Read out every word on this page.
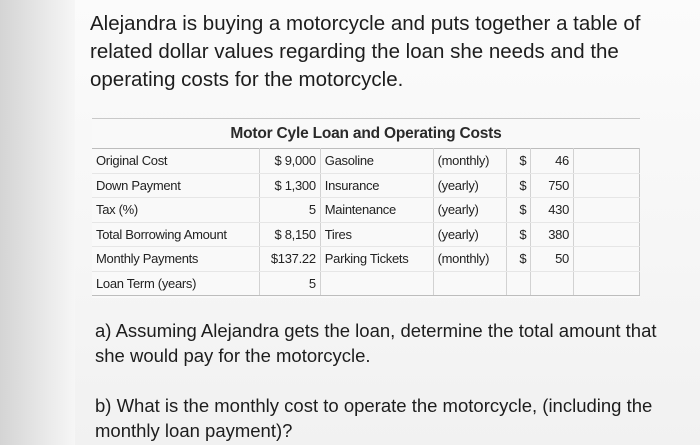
Alejandra is buying a motorcycle and puts together a table of related dollar values regarding the loan she needs and the operating costs for the motorcycle.

Motor Cyle Loan and Operating Costs
Original Cost	$ 9,000	Gasoline	(monthly)	$	46	
Down Payment	$ 1,300	Insurance	(yearly)	$	750	
Tax (%)	5	Maintenance	(yearly)	$	430	
Total Borrowing Amount	$ 8,150	Tires	(yearly)	$	380	
Monthly Payments	$137.22	Parking Tickets	(monthly)	$	50	
Loan Term (years)	5					

a) Assuming Alejandra gets the loan, determine the total amount that she would pay for the motorcycle.

b) What is the monthly cost to operate the motorcycle, (including the monthly loan payment)?
